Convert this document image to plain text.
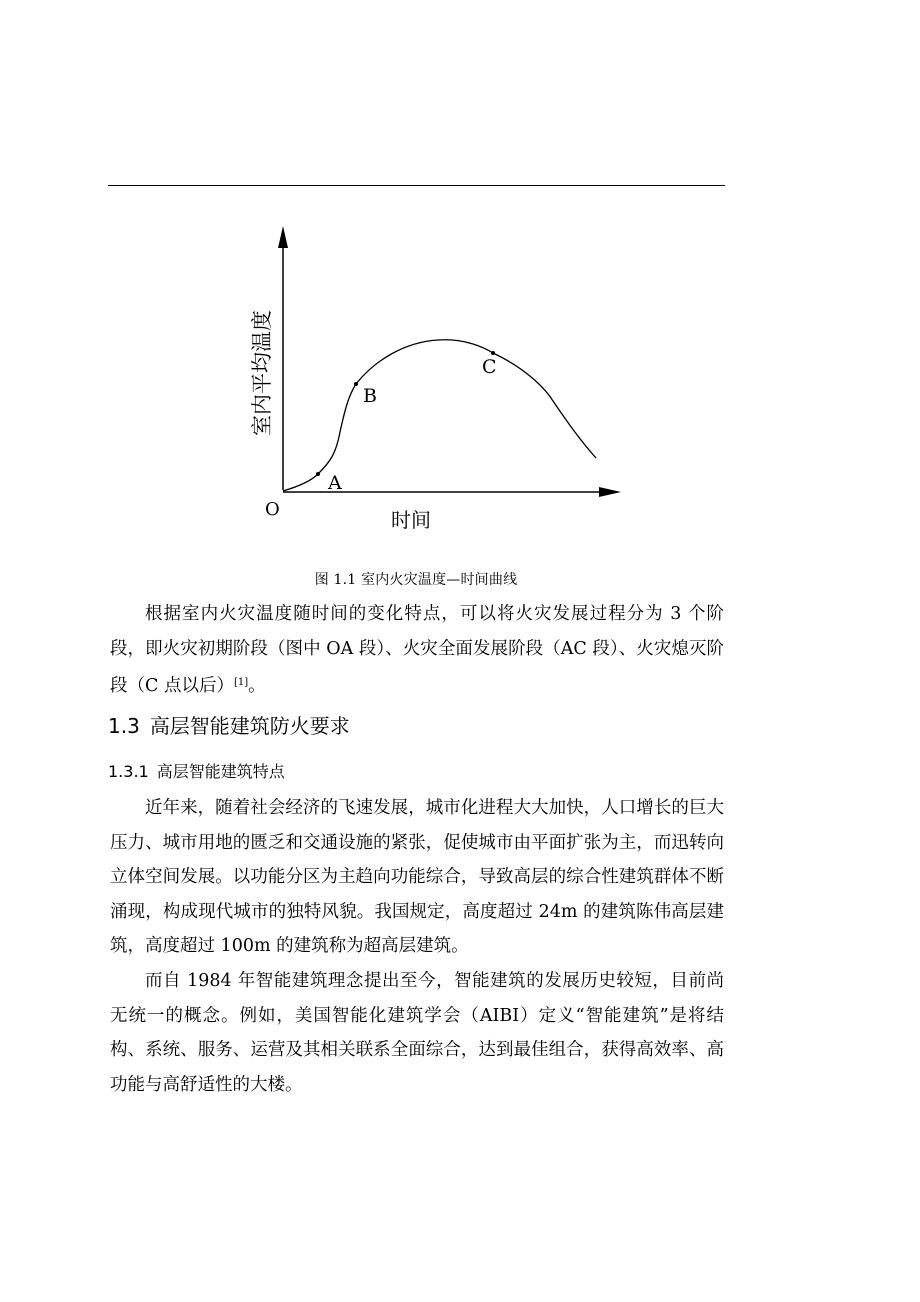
A
B
C
O	时间
室内平均温度
图 1.1 室内火灾温度—时间曲线

根据室内火灾温度随时间的变化特点，可以将火灾发展过程分为 3 个阶段，即火灾初期阶段（图中 OA 段）、火灾全面发展阶段（AC 段）、火灾熄灭阶段（C 点以后）[1]。

1.3 高层智能建筑防火要求
1.3.1 高层智能建筑特点

近年来，随着社会经济的飞速发展，城市化进程大大加快，人口增长的巨大压力、城市用地的匮乏和交通设施的紧张，促使城市由平面扩张为主，而迅转向立体空间发展。以功能分区为主趋向功能综合，导致高层的综合性建筑群体不断涌现，构成现代城市的独特风貌。我国规定，高度超过 24m 的建筑陈伟高层建筑，高度超过 100m 的建筑称为超高层建筑。

而自 1984 年智能建筑理念提出至今，智能建筑的发展历史较短，目前尚无统一的概念。例如，美国智能化建筑学会（AIBI）定义“智能建筑”是将结构、系统、服务、运营及其相关联系全面综合，达到最佳组合，获得高效率、高功能与高舒适性的大楼。
